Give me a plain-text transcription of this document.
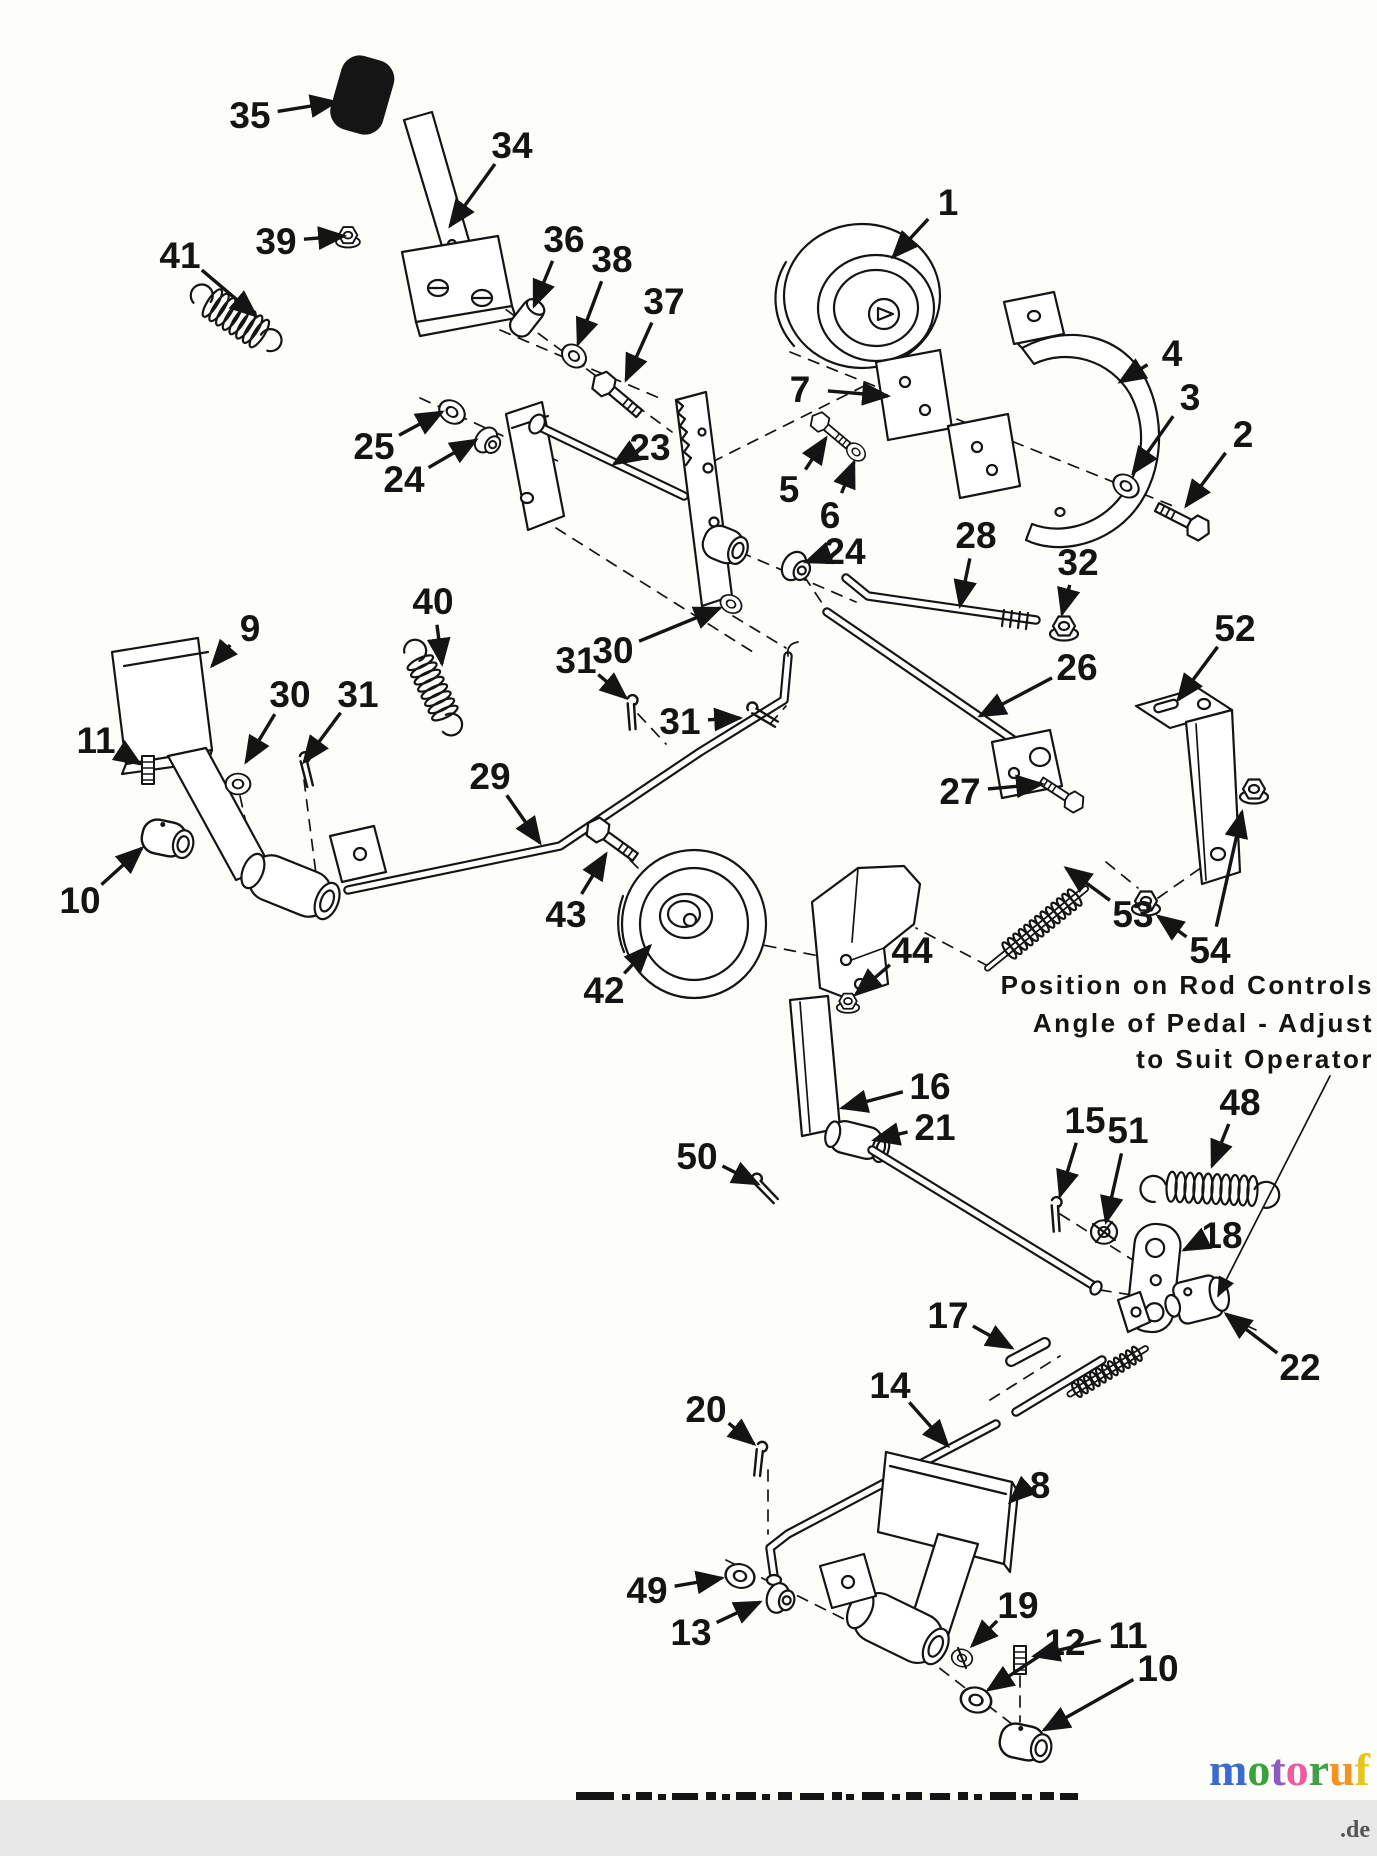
35
34
39
41	36 38
37
1
7
4
3
2
5
6
25
24
23
28
32
24
30
31
31
30 31
9
11
10
40
29
43
42
26
52
27
54
53
44
16
21
50
15 51
48
18
17
22
14
20
8
49
13
19
12 11
10
Position on Rod Controls
Angle of Pedal - Adjust
to Suit Operator
motoruf.de
